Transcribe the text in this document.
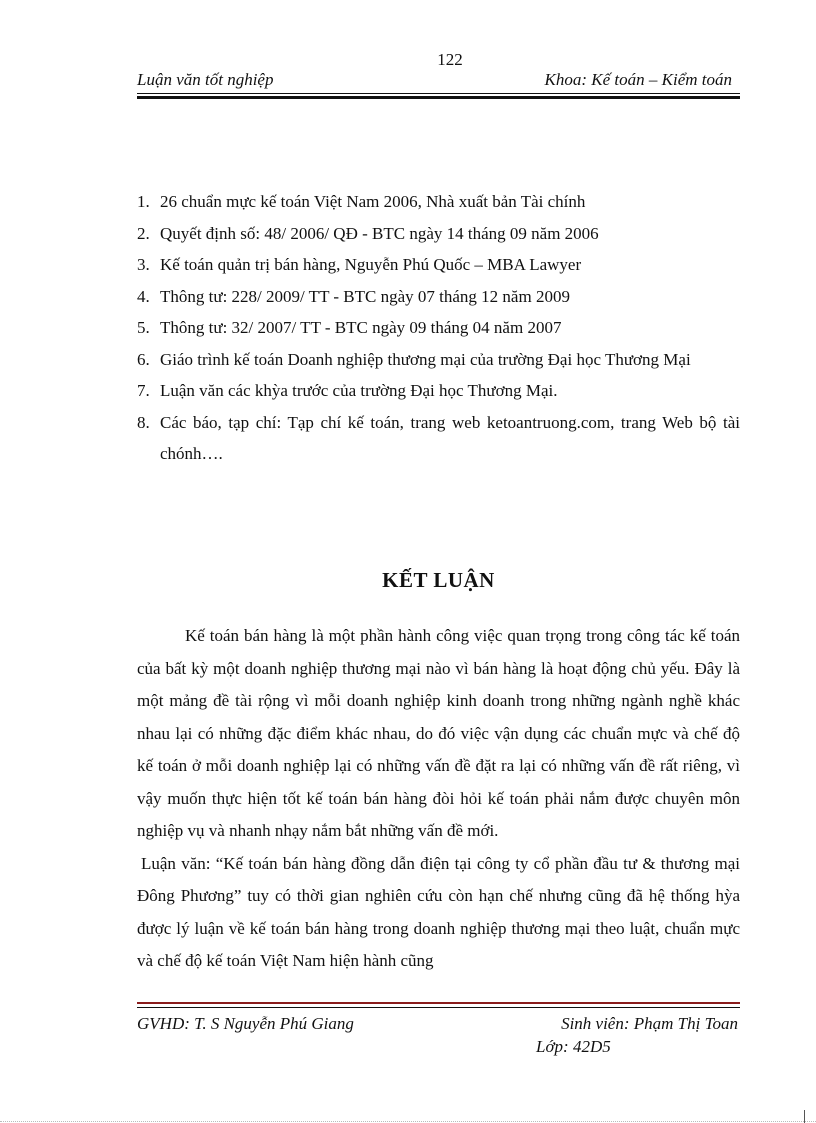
122
Luận văn tốt nghiệp	Khoa: Kế toán – Kiểm toán
1. 26 chuẩn mực kế toán Việt Nam 2006, Nhà xuất bản Tài chính
2. Quyết định số: 48/ 2006/ QĐ - BTC ngày 14 tháng 09 năm 2006
3. Kế toán quản trị bán hàng, Nguyễn Phú Quốc – MBA Lawyer
4. Thông tư: 228/ 2009/ TT - BTC ngày 07 tháng 12 năm 2009
5. Thông tư: 32/ 2007/ TT - BTC ngày 09 tháng 04 năm 2007
6. Giáo trình kế toán Doanh nghiệp thương mại của trường Đại học Thương Mại
7. Luận văn các khỳa trước của trường Đại học Thương Mại.
8. Các báo, tạp chí: Tạp chí kế toán, trang web ketoantruong.com, trang Web bộ tài chónh….
KẾT LUẬN

Kế toán bán hàng là một phần hành công việc quan trọng trong công tác kế toán của bất kỳ một doanh nghiệp thương mại nào vì bán hàng là hoạt động chủ yếu. Đây là một mảng đề tài rộng vì mỗi doanh nghiệp kinh doanh trong những ngành nghề khác nhau lại có những đặc điểm khác nhau, do đó việc vận dụng các chuẩn mực và chế độ kế toán ở mỗi doanh nghiệp lại có những vấn đề đặt ra lại có những vấn đề rất riêng, vì vậy muốn thực hiện tốt kế toán bán hàng đòi hỏi kế toán phải nắm được chuyên môn nghiệp vụ và nhanh nhạy nắm bắt những vấn đề mới.

Luận văn: “Kế toán bán hàng đồng dẫn điện tại công ty cổ phần đầu tư & thương mại Đông Phương” tuy có thời gian nghiên cứu còn hạn chế nhưng cũng đã hệ thống hỳa được lý luận về kế toán bán hàng trong doanh nghiệp thương mại theo luật, chuẩn mực và chế độ kế toán Việt Nam hiện hành cũng

GVHD: T. S Nguyễn Phú Giang	Sinh viên: Phạm Thị Toan
Lớp: 42D5
